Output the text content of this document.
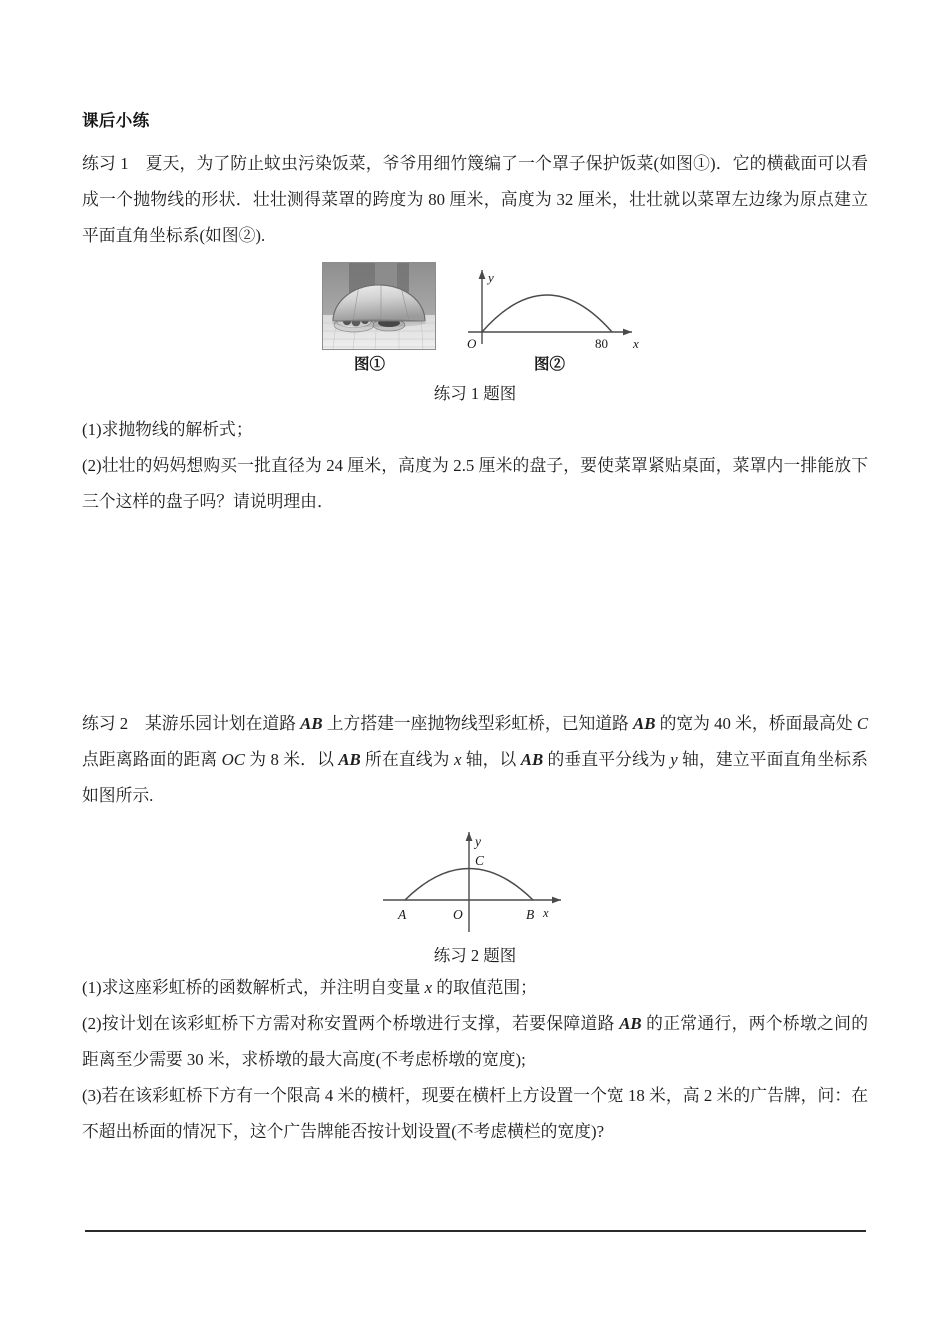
课后小练

练习 1　夏天，为了防止蚊虫污染饭菜，爷爷用细竹篾编了一个罩子保护饭菜(如图①)．它的横截面可以看成一个抛物线的形状．壮壮测得菜罩的跨度为 80 厘米，高度为 32 厘米，壮壮就以菜罩左边缘为原点建立平面直角坐标系(如图②).

O
y
x
80
图①	图②
练习 1 题图

(1)求抛物线的解析式；

(2)壮壮的妈妈想购买一批直径为 24 厘米，高度为 2.5 厘米的盘子，要使菜罩紧贴桌面，菜罩内一排能放下三个这样的盘子吗？请说明理由．

练习 2　某游乐园计划在道路 AB 上方搭建一座抛物线型彩虹桥，已知道路 AB 的宽为 40 米，桥面最高处 C 点距离路面的距离 OC 为 8 米．以 AB 所在直线为 x 轴，以 AB 的垂直平分线为 y 轴，建立平面直角坐标系如图所示.

A	O	B x
y
C
练习 2 题图

(1)求这座彩虹桥的函数解析式，并注明自变量 x 的取值范围；

(2)按计划在该彩虹桥下方需对称安置两个桥墩进行支撑，若要保障道路 AB 的正常通行，两个桥墩之间的距离至少需要 30 米，求桥墩的最大高度(不考虑桥墩的宽度);

(3)若在该彩虹桥下方有一个限高 4 米的横杆，现要在横杆上方设置一个宽 18 米，高 2 米的广告牌，问：在不超出桥面的情况下，这个广告牌能否按计划设置(不考虑横栏的宽度)?
